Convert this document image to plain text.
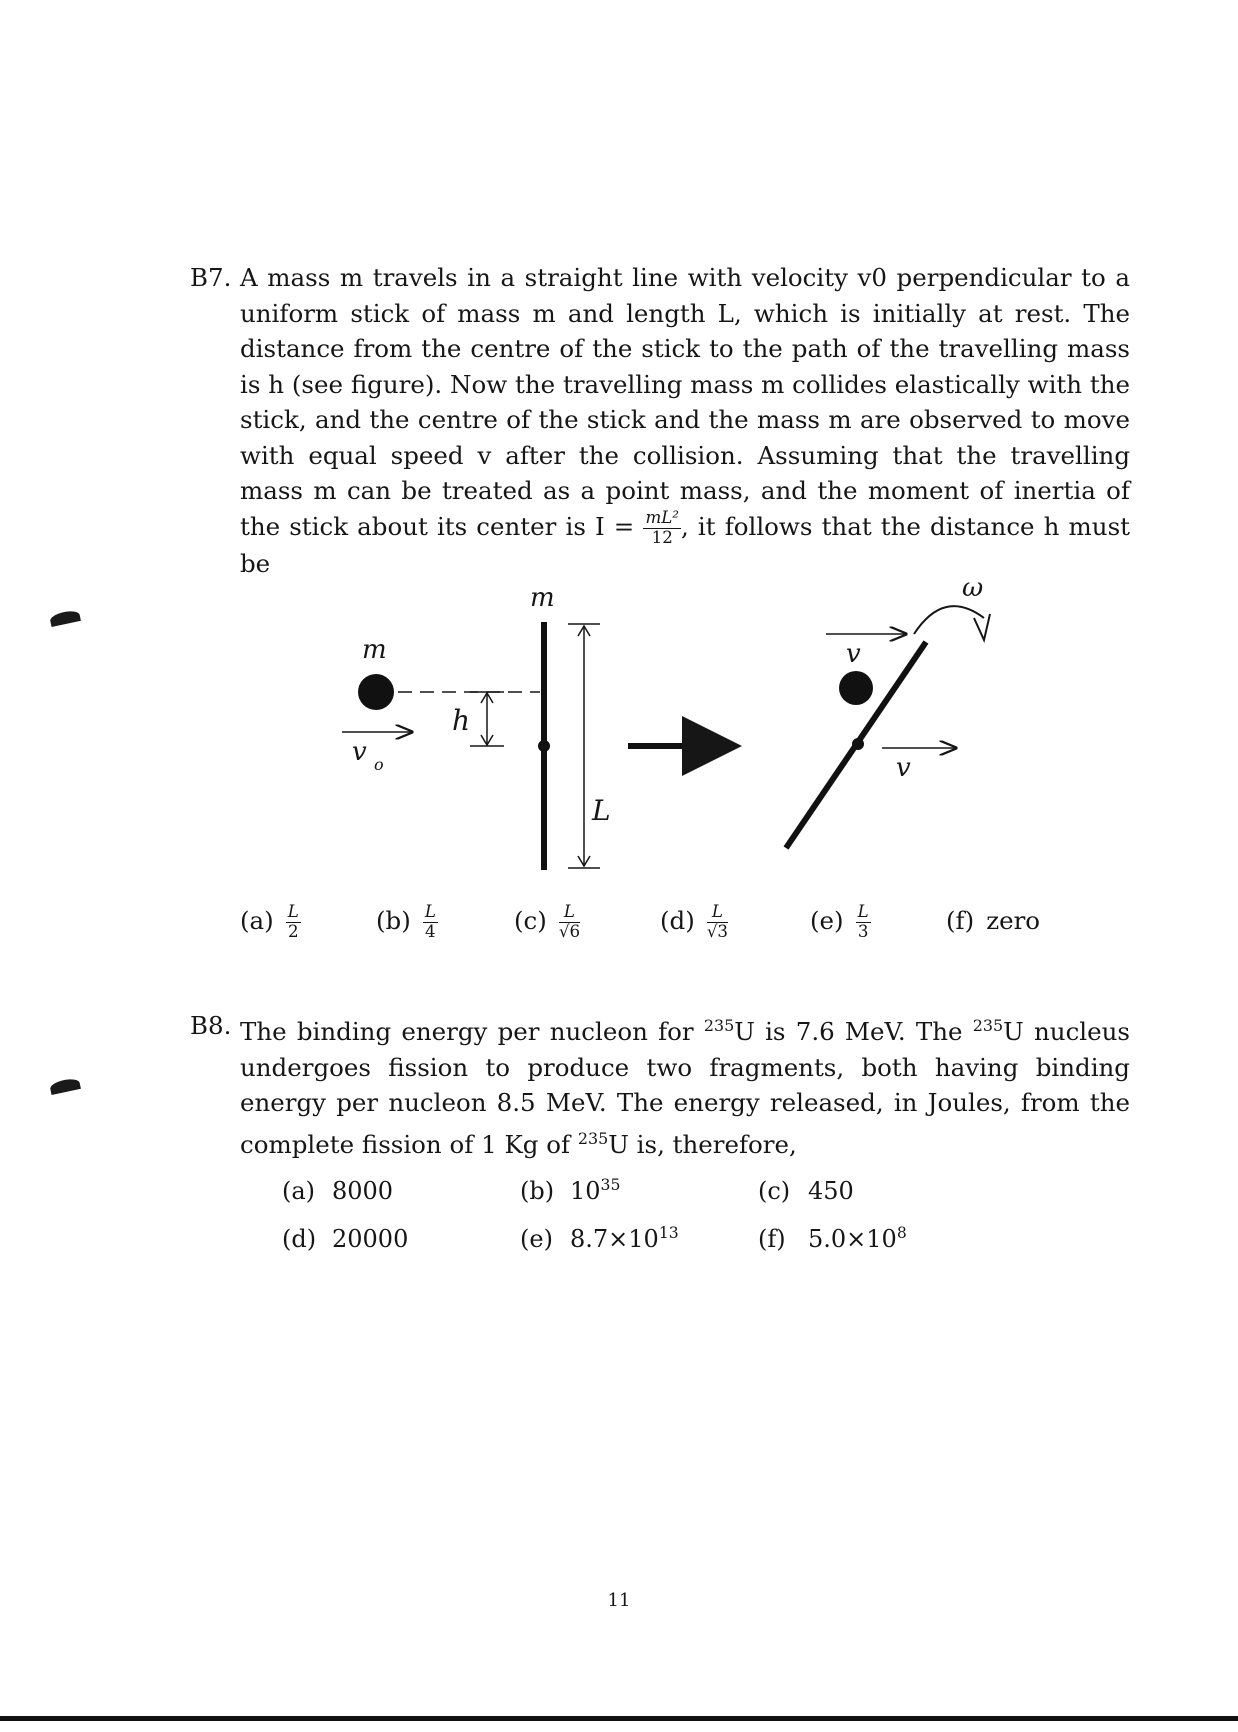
B7. A mass m travels in a straight line with velocity v0 perpendicular to a uniform stick of mass m and length L, which is initially at rest. The distance from the centre of the stick to the path of the travelling mass is h (see figure). Now the travelling mass m collides elastically with the stick, and the centre of the stick and the mass m are observed to move with equal speed v after the collision. Assuming that the travelling mass m can be treated as a point mass, and the moment of inertia of the stick about its center is $I = \frac{\text{mL²}}{12}$ , it follows that the distance h must be
m
v o
h
m
L
ω
v
v
$(a) \frac{L}{2}$	$(b) \frac{L}{4}$	$(c) \frac{L}{√6}$	$(d) \frac{L}{√3}$	$(e) \frac{L}{3}$	(f) zero
B8. The binding energy per nucleon for $^{235}$U is 7.6 MeV. The $^{235}$U nucleus undergoes fission to produce two fragments, both having binding energy per nucleon 8.5 MeV. The energy released, in Joules, from the complete fission of 1 Kg of $^{235}$U is, therefore,
(a) 8000	(b) $10^{35}$	(c) 450
(d) 20000	(e) $8.7\times 10^{13}$	(f) $5.0\times 10^8$
11
